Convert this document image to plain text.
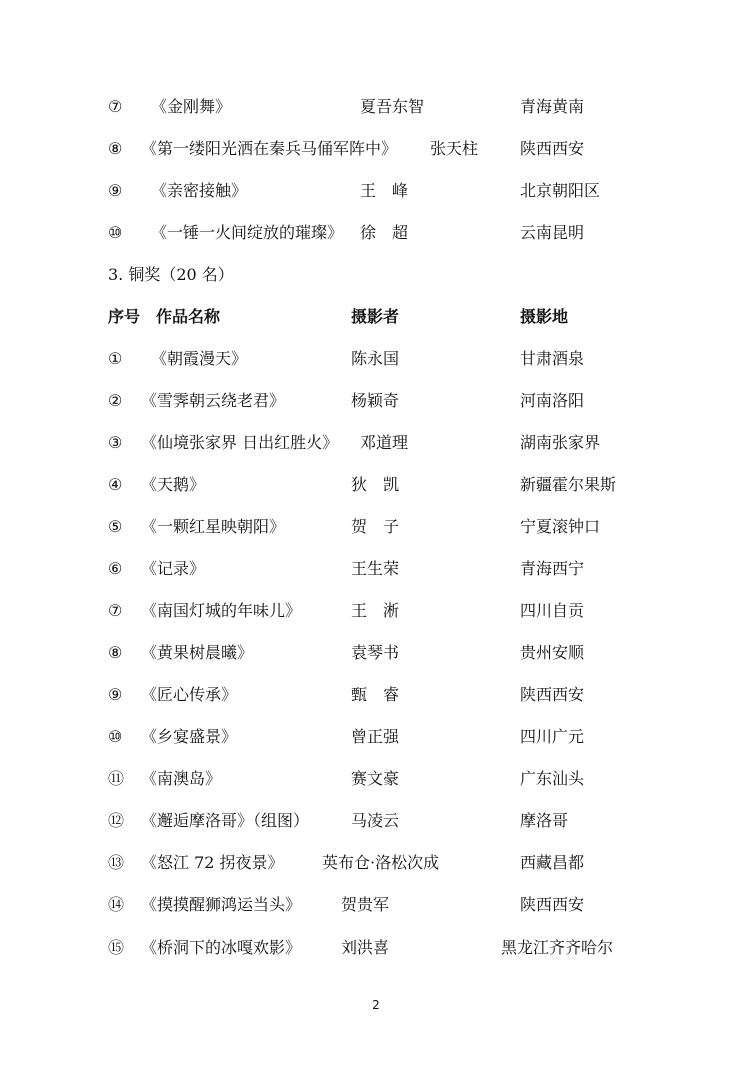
⑦ 《金刚舞》	夏吾东智	青海黄南
⑧ 《第一缕阳光洒在秦兵马俑军阵中》 张天柱	陕西西安
⑨ 《亲密接触》	王　峰	北京朝阳区
⑩ 《一锤一火间绽放的璀璨》 徐　超	云南昆明
3. 铜奖（20 名）
序号　作品名称	摄影者	摄影地
① 《朝霞漫天》	陈永国	甘肃酒泉
② 《雪霁朝云绕老君》	杨颖奇	河南洛阳
③ 《仙境张家界 日出红胜火》 邓道理	湖南张家界
④ 《天鹅》	狄　凯	新疆霍尔果斯
⑤ 《一颗红星映朝阳》	贺　子	宁夏滚钟口
⑥ 《记录》	王生荣	青海西宁
⑦ 《南国灯城的年味儿》	王　淅	四川自贡
⑧ 《黄果树晨曦》	袁琴书	贵州安顺
⑨ 《匠心传承》	甄　睿	陕西西安
⑩ 《乡宴盛景》	曾正强	四川广元
⑪ 《南澳岛》	赛文豪	广东汕头
⑫ 《邂逅摩洛哥》（组图）	马凌云	摩洛哥
⑬ 《怒江 72 拐夜景》 英布仓·洛松次成	西藏昌都
⑭ 《摸摸醒狮鸿运当头》 贺贵军	陕西西安
⑮ 《桥洞下的冰嘎欢影》 刘洪喜	黑龙江齐齐哈尔
2
